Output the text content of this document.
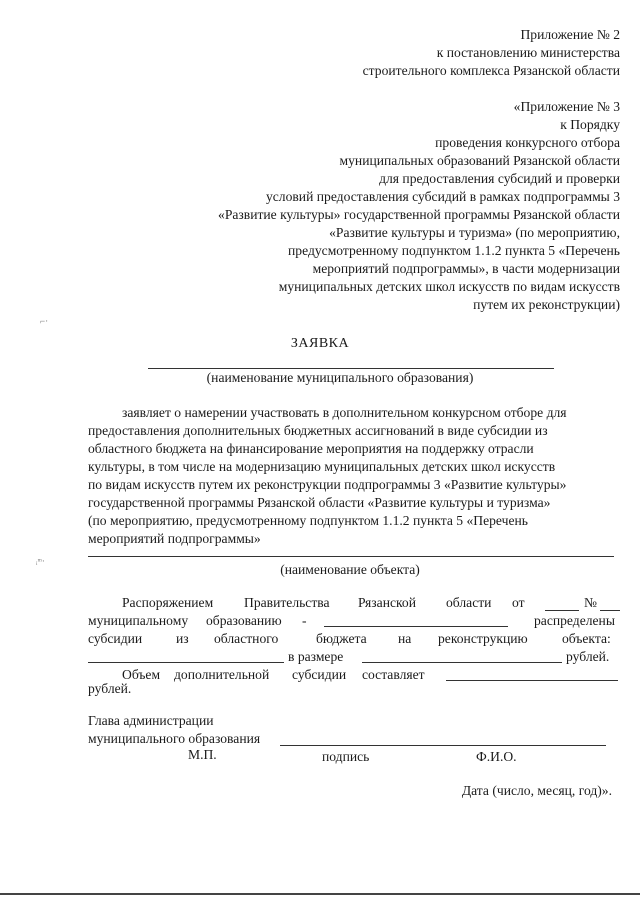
Приложение № 2
к постановлению министерства
строительного комплекса Рязанской области
«Приложение № 3
к Порядку
проведения конкурсного отбора
муниципальных образований Рязанской области
для предоставления субсидий и проверки
условий предоставления субсидий в рамках подпрограммы 3
«Развитие культуры» государственной программы Рязанской области
«Развитие культуры и туризма» (по мероприятию,
предусмотренному подпунктом 1.1.2 пункта 5 «Перечень
мероприятий подпрограммы», в части модернизации
муниципальных детских школ искусств по видам искусств
путем их реконструкции)
⌐·
ЗАЯВКА
(наименование муниципального образования)
заявляет о намерении участвовать в дополнительном конкурсном отборе для
предоставления дополнительных бюджетных ассигнований в виде субсидии из
областного бюджета на финансирование мероприятия на поддержку отрасли
культуры, в том числе на модернизацию муниципальных детских школ искусств
по видам искусств путем их реконструкции подпрограммы 3 «Развитие культуры»
государственной программы Рязанской области «Развитие культуры и туризма»
(по мероприятию, предусмотренному подпунктом 1.1.2 пункта 5 «Перечень
мероприятий подпрограммы»
ᵢᵐ·
(наименование объекта)
Распоряжением Правительства Рязанской области от	№
муниципальному образованию -	распределены
субсидии из областного	бюджета на реконструкцию	объекта:
в размере	рублей.
Объем дополнительной субсидии составляет
рублей.
Глава администрации
муниципального образования
М.П.	подпись	Ф.И.О.
Дата (число, месяц, год)».
